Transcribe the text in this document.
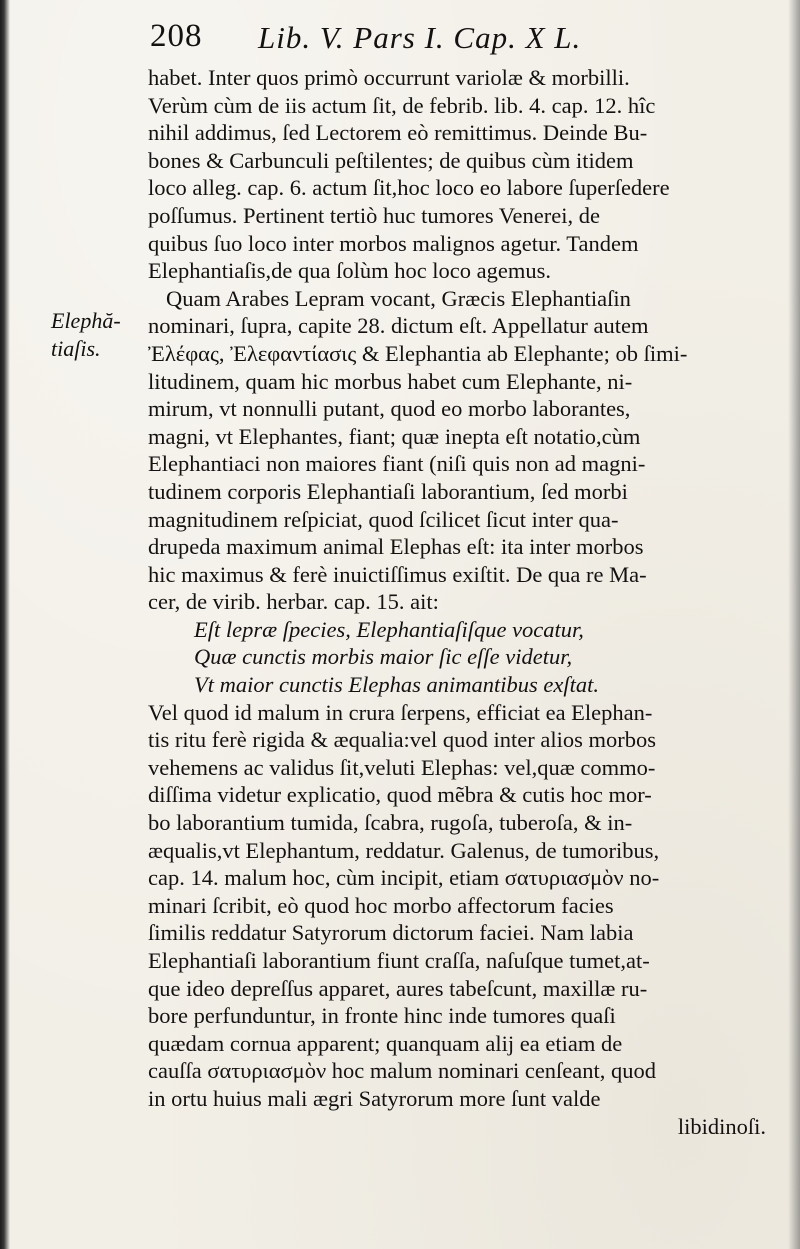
208 Lib. V. Pars I. Cap. X L.
Elephă-
tiaſis.
habet. Inter quos primò occurrunt variolæ & morbilli.
Verùm cùm de iis actum ſit, de febrib. lib. 4. cap. 12. hîc
nihil addimus, ſed Lectorem eò remittimus. Deinde Bu-
bones & Carbunculi peſtilentes; de quibus cùm itidem
loco alleg. cap. 6. actum ſit,hoc loco eo labore ſuperſedere
poſſumus. Pertinent tertiò huc tumores Venerei, de
quibus ſuo loco inter morbos malignos agetur. Tandem
Elephantiaſis,de qua ſolùm hoc loco agemus.
Quam Arabes Lepram vocant, Græcis Elephantiaſin
nominari, ſupra, capite 28. dictum eſt. Appellatur autem
Ἐλέφας, Ἐλεφαντίασις & Elephantia ab Elephante; ob ſimi-
litudinem, quam hic morbus habet cum Elephante, ni-
mirum, vt nonnulli putant, quod eo morbo laborantes,
magni, vt Elephantes, fiant; quæ inepta eſt notatio,cùm
Elephantiaci non maiores fiant (niſi quis non ad magni-
tudinem corporis Elephantiaſi laborantium, ſed morbi
magnitudinem reſpiciat, quod ſcilicet ſicut inter qua-
drupeda maximum animal Elephas eſt: ita inter morbos
hic maximus & ferè inuictiſſimus exiſtit. De qua re Ma-
cer, de virib. herbar. cap. 15. ait:
Eſt lepræ ſpecies, Elephantiaſiſque vocatur,
Quæ cunctis morbis maior ſic eſſe videtur,
Vt maior cunctis Elephas animantibus exſtat.
Vel quod id malum in crura ſerpens, efficiat ea Elephan-
tis ritu ferè rigida & æqualia:vel quod inter alios morbos
vehemens ac validus ſit,veluti Elephas: vel,quæ commo-
diſſima videtur explicatio, quod mẽbra & cutis hoc mor-
bo laborantium tumida, ſcabra, rugoſa, tuberoſa, & in-
æqualis,vt Elephantum, reddatur. Galenus, de tumoribus,
cap. 14. malum hoc, cùm incipit, etiam σατυριασμὸν no-
minari ſcribit, eò quod hoc morbo affectorum facies
ſimilis reddatur Satyrorum dictorum faciei. Nam labia
Elephantiaſi laborantium fiunt craſſa, naſuſque tumet,at-
que ideo depreſſus apparet, aures tabeſcunt, maxillæ ru-
bore perfunduntur, in fronte hinc inde tumores quaſi
quædam cornua apparent; quanquam alij ea etiam de
cauſſa σατυριασμὸν hoc malum nominari cenſeant, quod
in ortu huius mali ægri Satyrorum more ſunt valde
libidinoſi.
